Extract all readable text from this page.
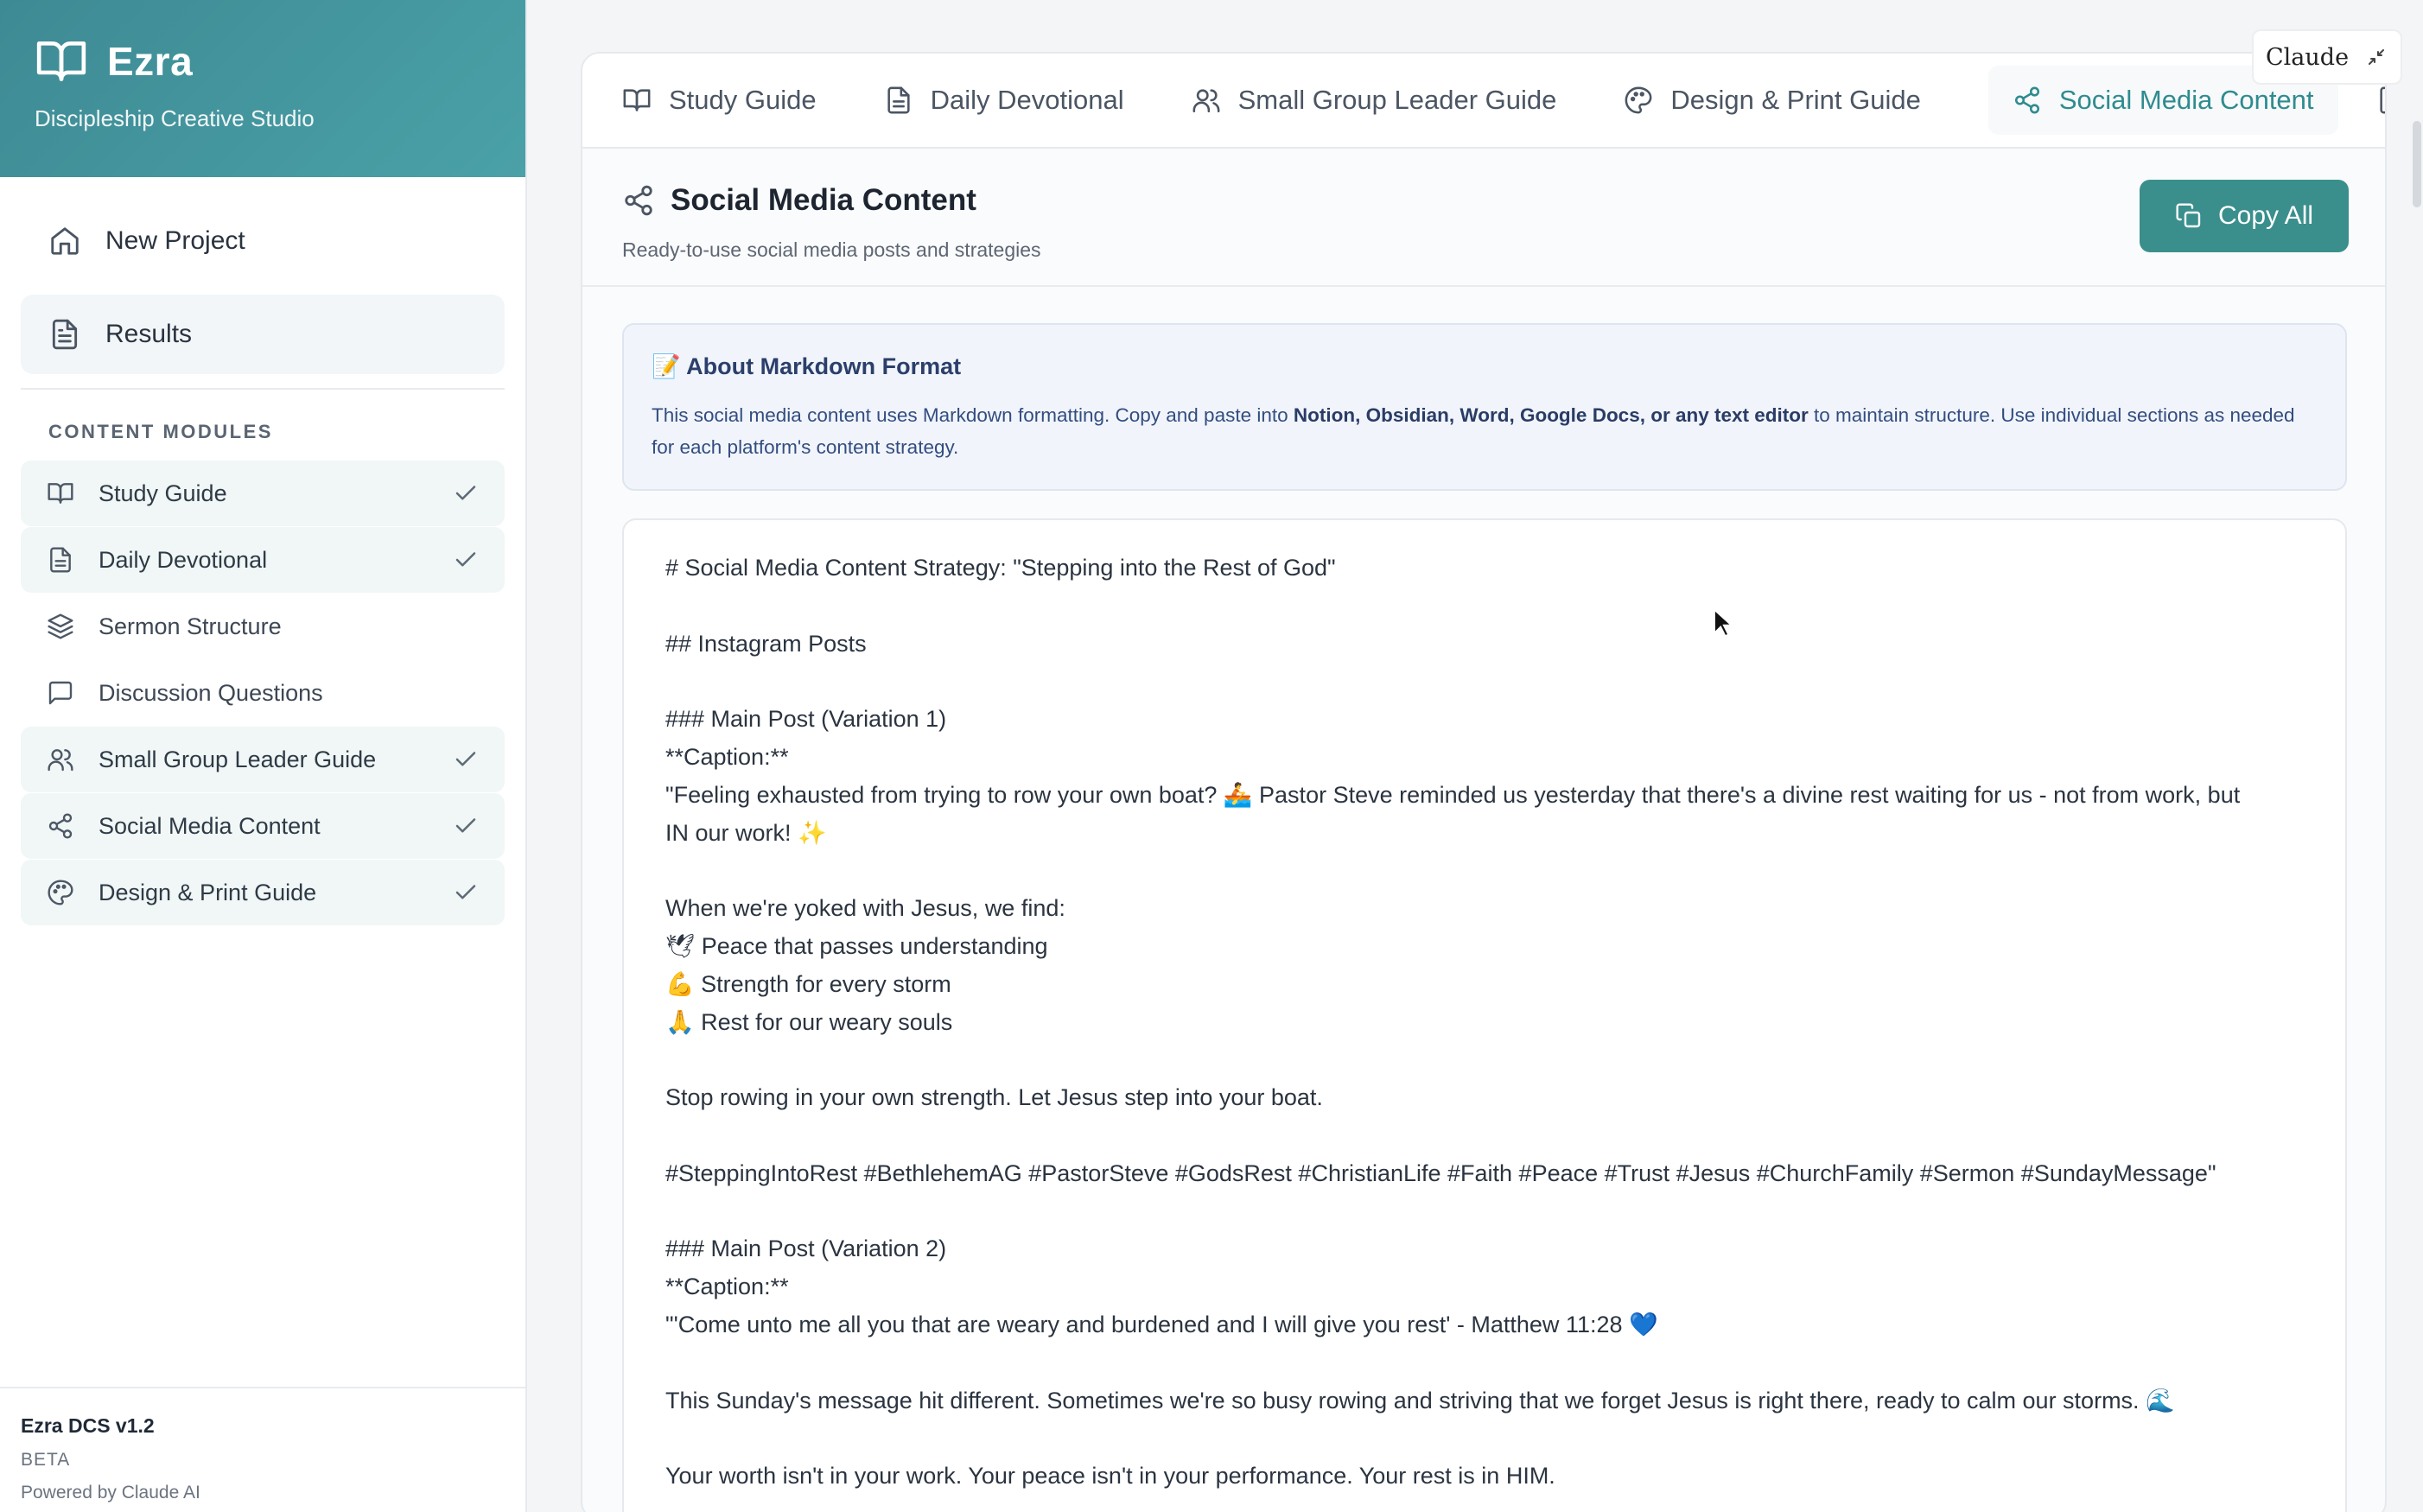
Ezra
Discipleship Creative Studio
New Project
Results
CONTENT MODULES
Study Guide
Daily Devotional
Sermon Structure
Discussion Questions
Small Group Leader Guide
Social Media Content
Design & Print Guide
Ezra DCS v1.2
BETA
Powered by Claude AI
Study Guide	Daily Devotional	Small Group Leader Guide	Design & Print Guide	Social Media Content
Social Media Content
Ready-to-use social media posts and strategies
Copy All
📝 About Markdown Format
This social media content uses Markdown formatting. Copy and paste into Notion, Obsidian, Word, Google Docs, or any text editor to maintain structure. Use individual sections as needed for each platform's content strategy.
# Social Media Content Strategy: "Stepping into the Rest of God"
## Instagram Posts
### Main Post (Variation 1)
**Caption:**
"Feeling exhausted from trying to row your own boat? 🚣 Pastor Steve reminded us yesterday that there's a divine rest waiting for us - not from work, but
IN our work! ✨
When we're yoked with Jesus, we find:
🕊 Peace that passes understanding
💪 Strength for every storm
🙏 Rest for our weary souls
Stop rowing in your own strength. Let Jesus step into your boat.
#SteppingIntoRest #BethlehemAG #PastorSteve #GodsRest #ChristianLife #Faith #Peace #Trust #Jesus #ChurchFamily #Sermon #SundayMessage"
### Main Post (Variation 2)
**Caption:**
"'Come unto me all you that are weary and burdened and I will give you rest' - Matthew 11:28 💙
This Sunday's message hit different. Sometimes we're so busy rowing and striving that we forget Jesus is right there, ready to calm our storms. 🌊
Your worth isn't in your work. Your peace isn't in your performance. Your rest is in HIM.
Claude
